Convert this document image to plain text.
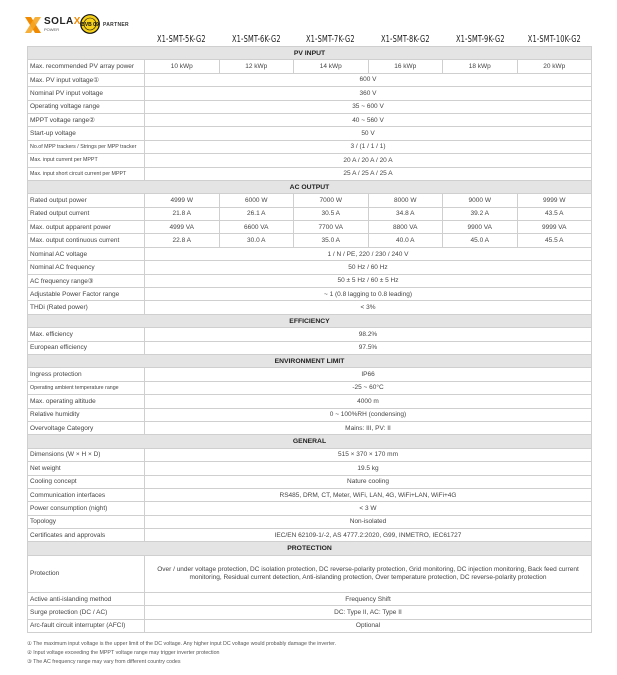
SOLAX
POWER
BVB 09 PARTNER
X1-SMT-5K-G2	X1-SMT-6K-G2	X1-SMT-7K-G2	X1-SMT-8K-G2	X1-SMT-9K-G2	X1-SMT-10K-G2
PV INPUT						
Max. recommended PV array power	10 kWp	12 kWp	14 kWp	16 kWp	18 kWp	20 kWp
Max. PV input voltage①	600 V					
Nominal PV input voltage	360 V					
Operating voltage range	35 ~ 600 V					
MPPT voltage range②	40 ~ 560 V					
Start-up voltage	50 V					
No.of MPP trackers / Strings per MPP tracker	3 / (1 / 1 / 1)					
Max. input current per MPPT	20 A / 20 A / 20 A					
Max. input short circuit current per MPPT	25 A / 25 A / 25 A					
AC OUTPUT						
Rated output power	4999 W	6000 W	7000 W	8000 W	9000 W	9999 W
Rated output current	21.8 A	26.1 A	30.5 A	34.8 A	39.2 A	43.5 A
Max. output apparent power	4999 VA	6600 VA	7700 VA	8800 VA	9900 VA	9999 VA
Max. output continuous current	22.8 A	30.0 A	35.0 A	40.0 A	45.0 A	45.5 A
Nominal AC voltage	1 / N / PE, 220 / 230 / 240 V					
Nominal AC frequency	50 Hz / 60 Hz					
AC frequency range③	50 ± 5 Hz / 60 ± 5 Hz					
Adjustable Power Factor range	~ 1 (0.8 lagging to 0.8 leading)					
THDi (Rated power)	< 3%					
EFFICIENCY						
Max. efficiency	98.2%					
European efficiency	97.5%					
ENVIRONMENT LIMIT						
Ingress protection	IP66					
Operating ambient temperature range	-25 ~ 60°C					
Max. operating altitude	4000 m					
Relative humidity	0 ~ 100%RH (condensing)					
Overvoltage Category	Mains: III, PV: II					
GENERAL						
Dimensions (W × H × D)	515 × 370 × 170 mm					
Net weight	19.5 kg					
Cooling concept	Nature cooling					
Communication interfaces	RS485, DRM, CT, Meter, WiFi, LAN, 4G, WiFi+LAN, WiFi+4G					
Power consumption (night)	< 3 W					
Topology	Non-isolated					
Certificates and approvals	IEC/EN 62109-1/-2, AS 4777.2:2020, G99, INMETRO, IEC61727					
PROTECTION						
Protection	Over / under voltage protection, DC isolation protection, DC reverse-polarity protection, Grid monitoring, DC injection monitoring, Back feed current monitoring, Residual current detection, Anti-islanding protection, Over temperature protection, DC reverse-polarity protection					
Active anti-islanding method	Frequency Shift					
Surge protection (DC / AC)	DC: Type II, AC: Type II					
Arc-fault circuit interrupter (AFCI)	Optional					
① The maximum input voltage is the upper limit of the DC voltage. Any higher input DC voltage would probably damage the inverter.
② Input voltage exceeding the MPPT voltage range may trigger inverter protection
③ The AC frequency range may vary from different country codes
